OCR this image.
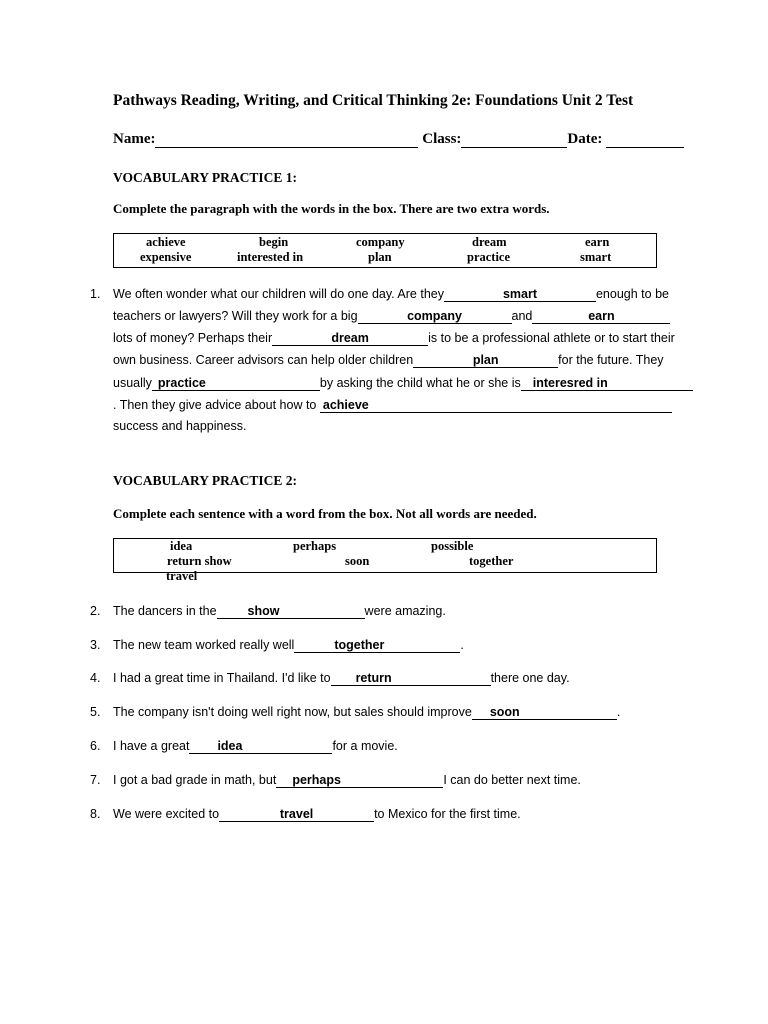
Pathways Reading, Writing, and Critical Thinking 2e: Foundations Unit 2 Test
Name:	Class:	Date:
VOCABULARY PRACTICE 1:
Complete the paragraph with the words in the box. There are two extra words.
achieve	begin	company	dream	earn
expensive	interested in	plan	practice	smart
1. We often wonder what our children will do one day. Are they	smart	enough to be
teachers or lawyers? Will they work for a big	company	and	earn
lots of money? Perhaps their	dream	is to be a professional athlete or to start their
own business. Career advisors can help older children	plan	for the future. They
usually practice	by asking the child what he or she is interesred in
. Then they give advice about how to achieve
success and happiness.
VOCABULARY PRACTICE 2:
Complete each sentence with a word from the box. Not all words are needed.
idea	perhaps	possible
return show	soon	together
travel
2. The dancers in the show	were amazing.
3. The new team worked really well	together	.
4. I had a great time in Thailand. I'd like to return	there one day.
5. The company isn't doing well right now, but sales should improve soon	.
6. I have a great idea	for a movie.
7. I got a bad grade in math, but perhaps	I can do better next time.
8. We were excited to	travel	to Mexico for the first time.
